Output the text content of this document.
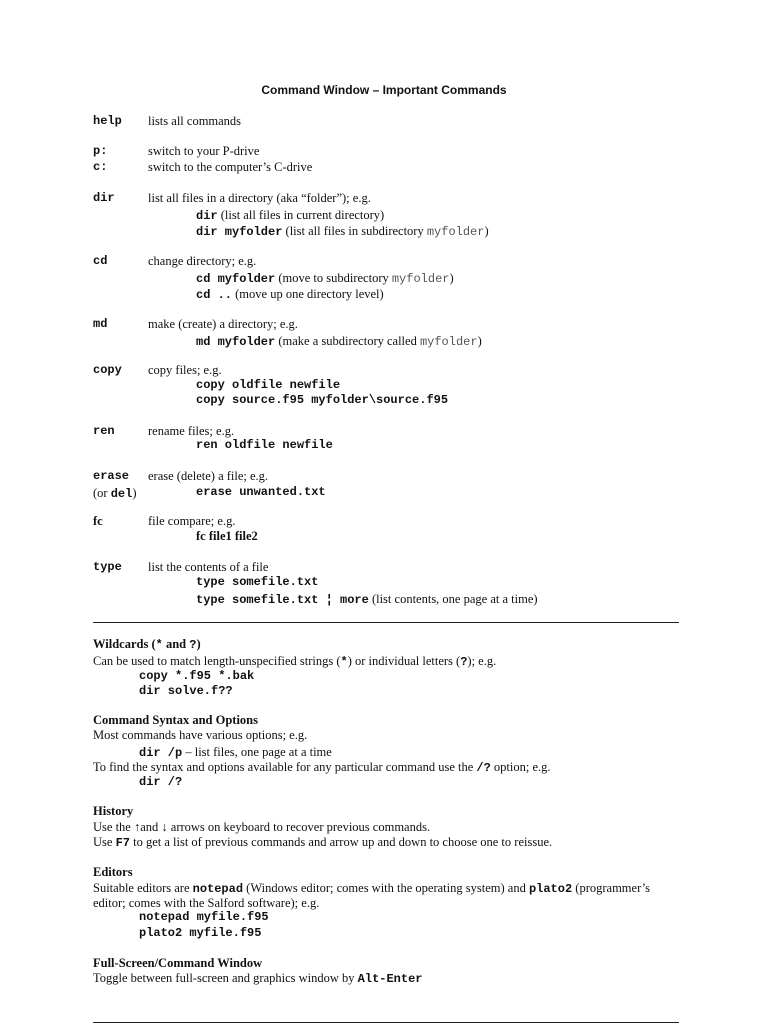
Command Window – Important Commands
help lists all commands
p:	switch to your P-drive
c:	switch to the computer’s C-drive
dir	list all files in a directory (aka “folder”); e.g.
dir (list all files in current directory)
dir myfolder (list all files in subdirectory myfolder)
cd	change directory; e.g.
cd myfolder (move to subdirectory myfolder)
cd .. (move up one directory level)
md	make (create) a directory; e.g.
md myfolder (make a subdirectory called myfolder)
copy copy files; e.g.
copy oldfile newfile
copy source.f95 myfolder\source.f95
ren	rename files; e.g.
ren oldfile newfile
erase erase (delete) a file; e.g.
(or del)	erase unwanted.txt
fc	file compare; e.g.
fc file1 file2
type list the contents of a file
type somefile.txt
type somefile.txt ¦ more (list contents, one page at a time)
Wildcards (* and ?)
Can be used to match length-unspecified strings (*) or individual letters (?); e.g.
copy *.f95 *.bak
dir solve.f??
Command Syntax and Options
Most commands have various options; e.g.
dir /p – list files, one page at a time
To find the syntax and options available for any particular command use the /? option; e.g.
dir /?
History
Use the ↑and ↓ arrows on keyboard to recover previous commands.
Use F7 to get a list of previous commands and arrow up and down to choose one to reissue.
Editors
Suitable editors are notepad (Windows editor; comes with the operating system) and plato2 (programmer’s
editor; comes with the Salford software); e.g.
notepad myfile.f95
plato2 myfile.f95
Full-Screen/Command Window
Toggle between full-screen and graphics window by Alt-Enter
